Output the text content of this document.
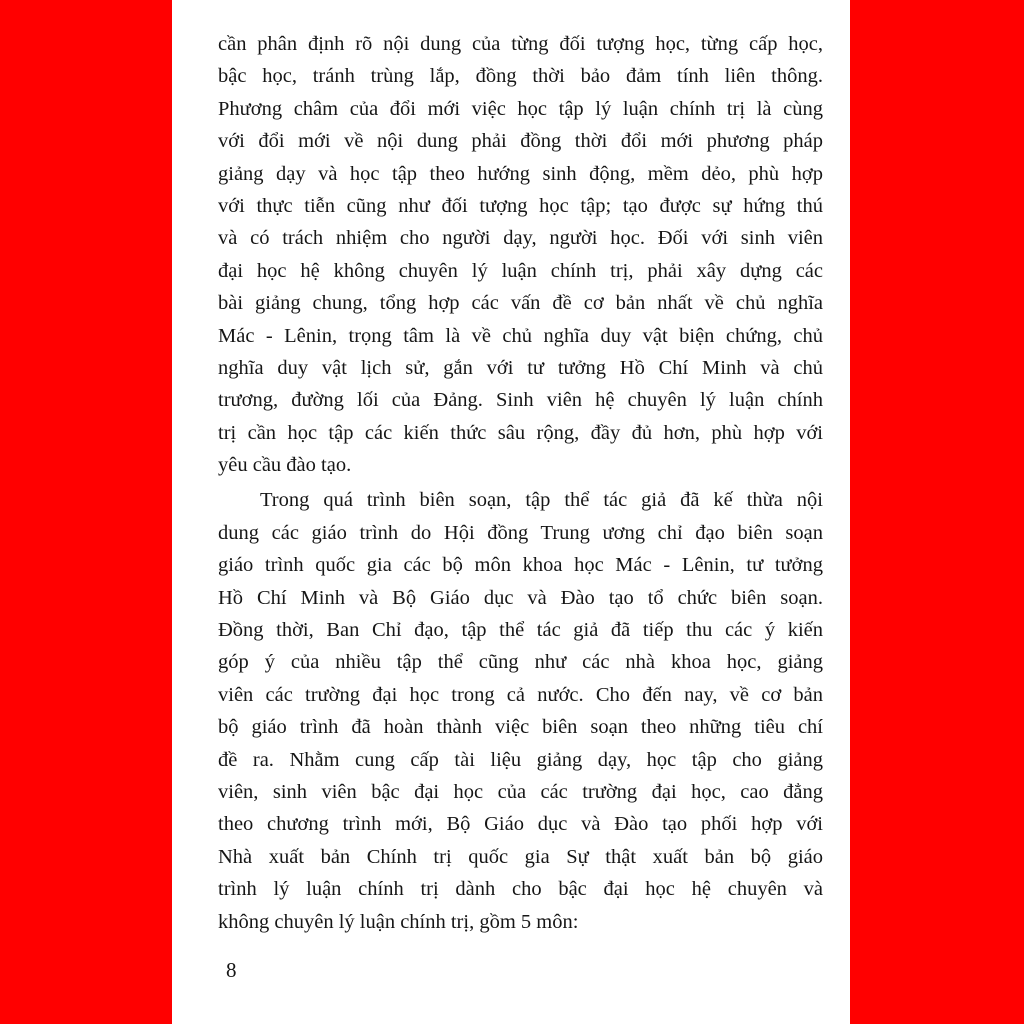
cần phân định rõ nội dung của từng đối tượng học, từng cấp học,
bậc học, tránh trùng lắp, đồng thời bảo đảm tính liên thông.
Phương châm của đổi mới việc học tập lý luận chính trị là cùng
với đổi mới về nội dung phải đồng thời đổi mới phương pháp
giảng dạy và học tập theo hướng sinh động, mềm dẻo, phù hợp
với thực tiễn cũng như đối tượng học tập; tạo được sự hứng thú
và có trách nhiệm cho người dạy, người học. Đối với sinh viên
đại học hệ không chuyên lý luận chính trị, phải xây dựng các
bài giảng chung, tổng hợp các vấn đề cơ bản nhất về chủ nghĩa
Mác - Lênin, trọng tâm là về chủ nghĩa duy vật biện chứng, chủ
nghĩa duy vật lịch sử, gắn với tư tưởng Hồ Chí Minh và chủ
trương, đường lối của Đảng. Sinh viên hệ chuyên lý luận chính
trị cần học tập các kiến thức sâu rộng, đầy đủ hơn, phù hợp với
yêu cầu đào tạo.
Trong quá trình biên soạn, tập thể tác giả đã kế thừa nội
dung các giáo trình do Hội đồng Trung ương chỉ đạo biên soạn
giáo trình quốc gia các bộ môn khoa học Mác - Lênin, tư tưởng
Hồ Chí Minh và Bộ Giáo dục và Đào tạo tổ chức biên soạn.
Đồng thời, Ban Chỉ đạo, tập thể tác giả đã tiếp thu các ý kiến
góp ý của nhiều tập thể cũng như các nhà khoa học, giảng
viên các trường đại học trong cả nước. Cho đến nay, về cơ bản
bộ giáo trình đã hoàn thành việc biên soạn theo những tiêu chí
đề ra. Nhằm cung cấp tài liệu giảng dạy, học tập cho giảng
viên, sinh viên bậc đại học của các trường đại học, cao đẳng
theo chương trình mới, Bộ Giáo dục và Đào tạo phối hợp với
Nhà xuất bản Chính trị quốc gia Sự thật xuất bản bộ giáo
trình lý luận chính trị dành cho bậc đại học hệ chuyên và
không chuyên lý luận chính trị, gồm 5 môn:
8
